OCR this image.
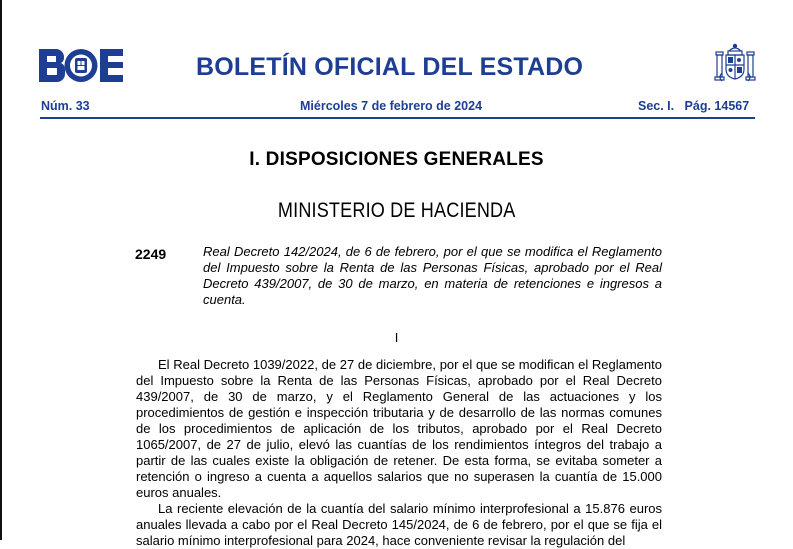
BOLETÍN OFICIAL DEL ESTADO
Núm. 33	Miércoles 7 de febrero de 2024	Sec. I.   Pág. 14567
I. DISPOSICIONES GENERALES
MINISTERIO DE HACIENDA
2249	Real Decreto 142/2024, de 6 de febrero, por el que se modifica el Reglamento del Impuesto sobre la Renta de las Personas Físicas, aprobado por el Real Decreto 439/2007, de 30 de marzo, en materia de retenciones e ingresos a cuenta.
I

El Real Decreto 1039/2022, de 27 de diciembre, por el que se modifican el Reglamento del Impuesto sobre la Renta de las Personas Físicas, aprobado por el Real Decreto 439/2007, de 30 de marzo, y el Reglamento General de las actuaciones y los procedimientos de gestión e inspección tributaria y de desarrollo de las normas comunes de los procedimientos de aplicación de los tributos, aprobado por el Real Decreto 1065/2007, de 27 de julio, elevó las cuantías de los rendimientos íntegros del trabajo a partir de las cuales existe la obligación de retener. De esta forma, se evitaba someter a retención o ingreso a cuenta a aquellos salarios que no superasen la cuantía de 15.000 euros anuales.

La reciente elevación de la cuantía del salario mínimo interprofesional a 15.876 euros anuales llevada a cabo por el Real Decreto 145/2024, de 6 de febrero, por el que se fija el salario mínimo interprofesional para 2024, hace conveniente revisar la regulación del
